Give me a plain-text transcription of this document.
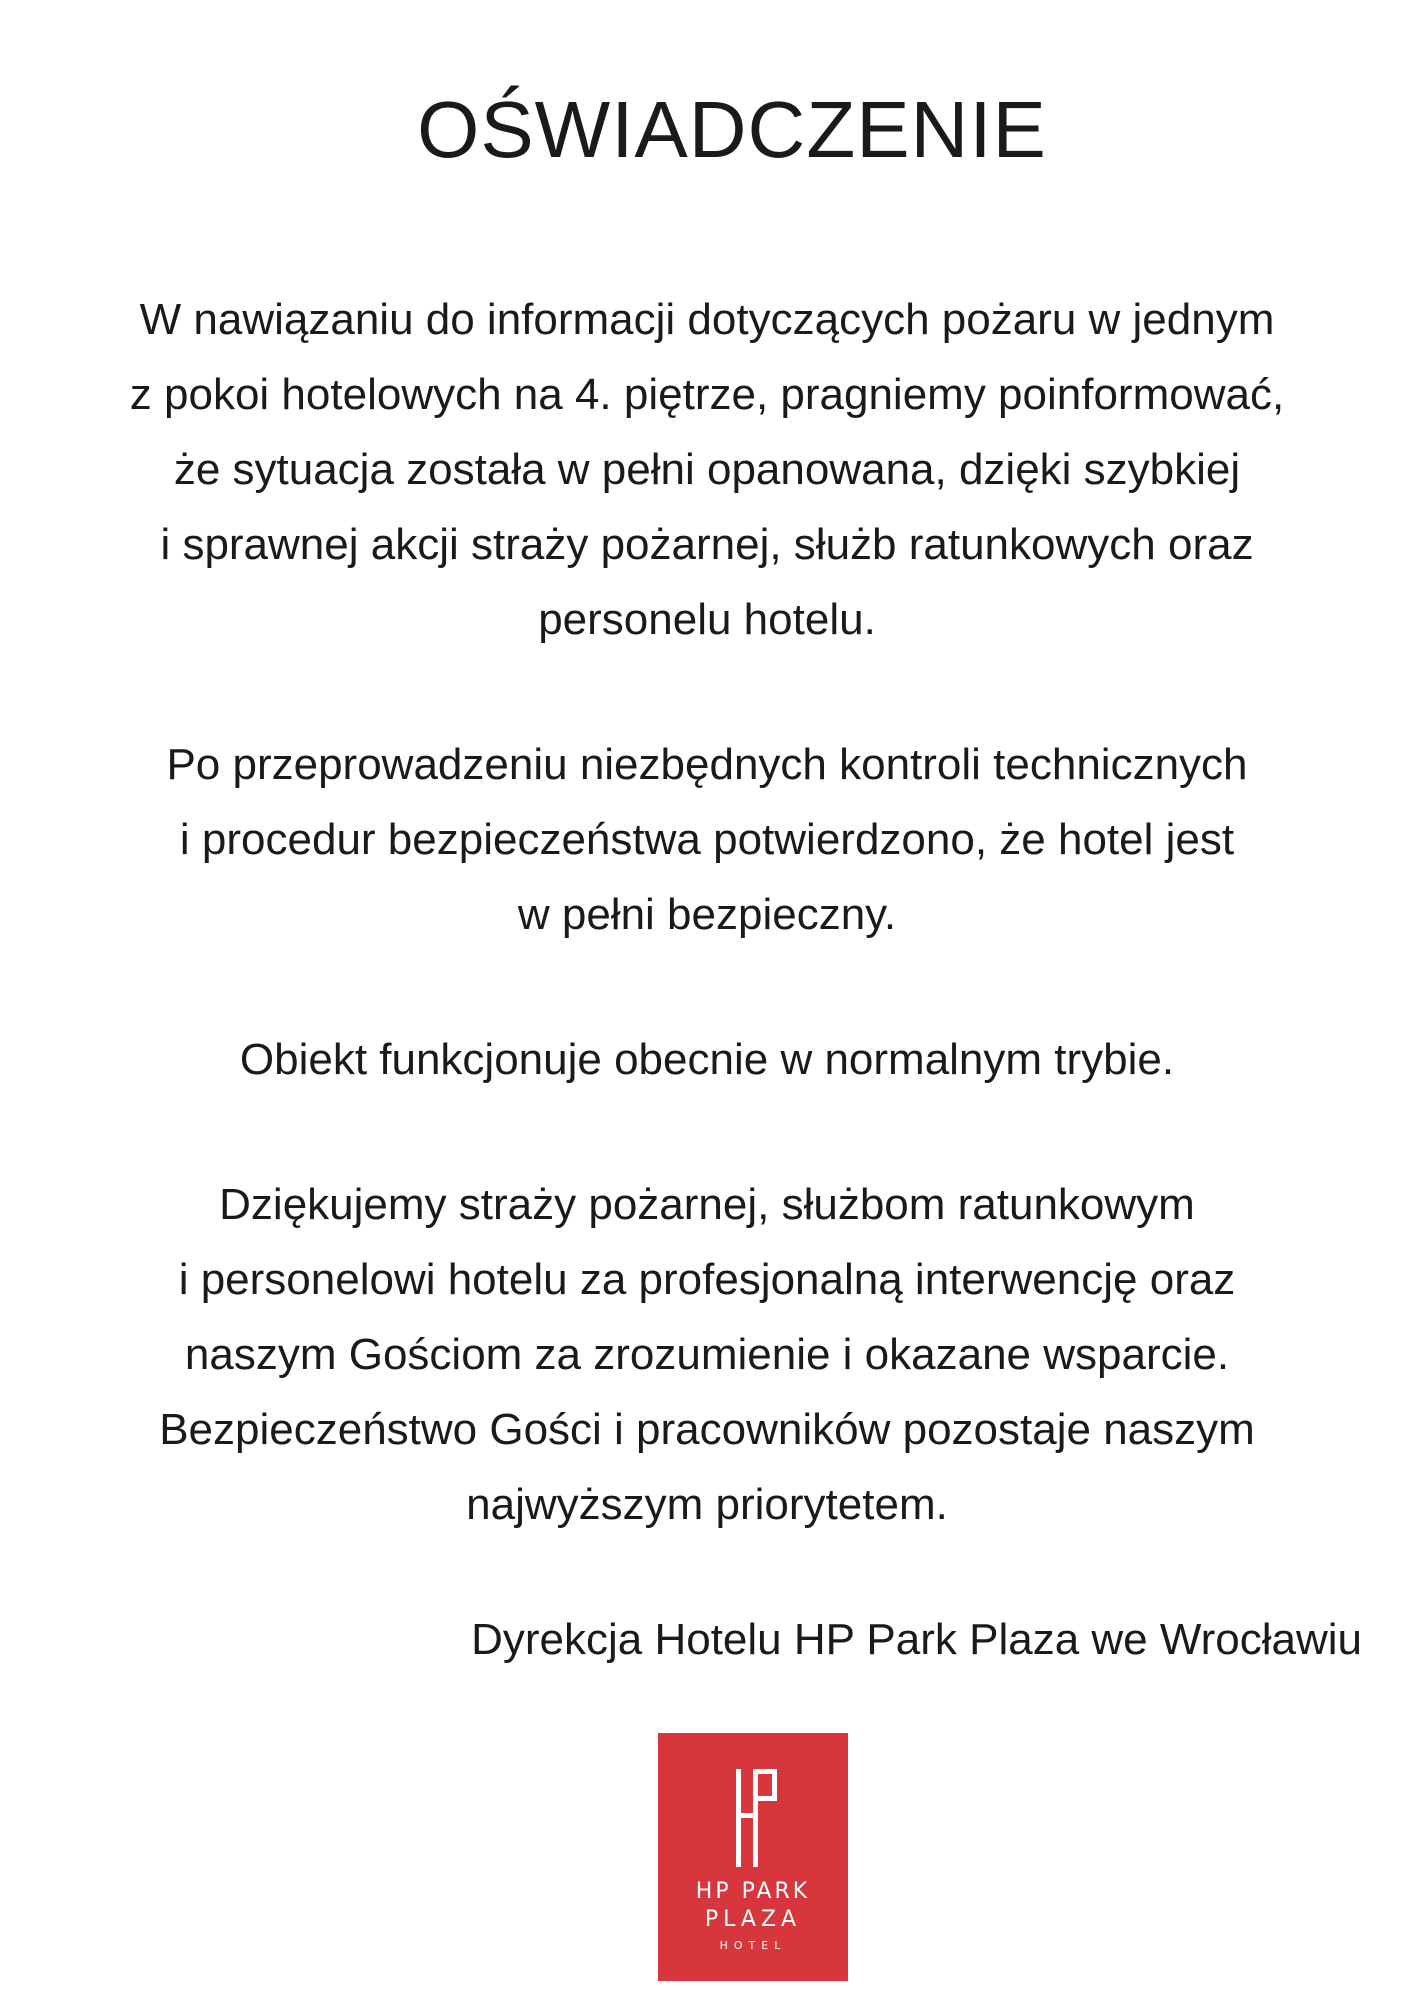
OŚWIADCZENIE

W nawiązaniu do informacji dotyczących pożaru w jednym
z pokoi hotelowych na 4. piętrze, pragniemy poinformować,
że sytuacja została w pełni opanowana, dzięki szybkiej
i sprawnej akcji straży pożarnej, służb ratunkowych oraz
personelu hotelu.

Po przeprowadzeniu niezbędnych kontroli technicznych
i procedur bezpieczeństwa potwierdzono, że hotel jest
w pełni bezpieczny.

Obiekt funkcjonuje obecnie w normalnym trybie.

Dziękujemy straży pożarnej, służbom ratunkowym
i personelowi hotelu za profesjonalną interwencję oraz
naszym Gościom za zrozumienie i okazane wsparcie.
Bezpieczeństwo Gości i pracowników pozostaje naszym
najwyższym priorytetem.

Dyrekcja Hotelu HP Park Plaza we Wrocławiu

HP PARK

PLAZA

HOTEL
